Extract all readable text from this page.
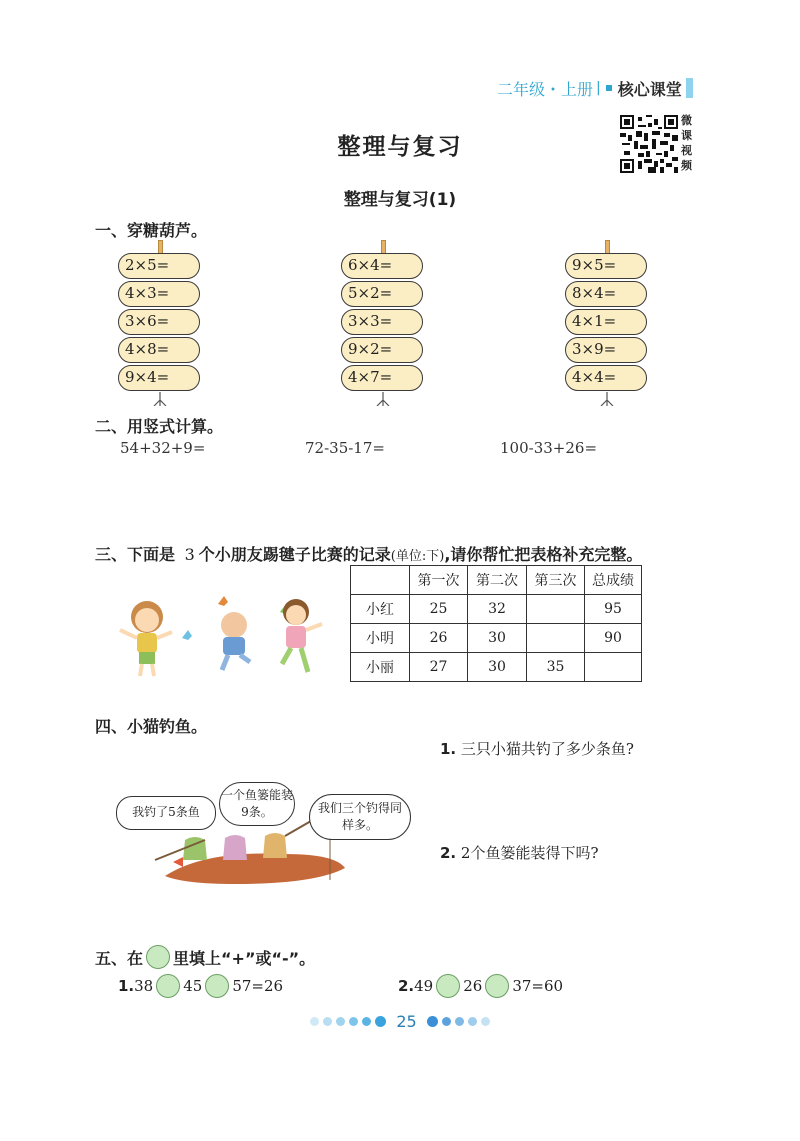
二年级・上册 | 核心课堂
微课视频
整理与复习
整理与复习(1)
一、穿糖葫芦。
2×5=
4×3=
3×6=
4×8=
9×4=
6×4=
5×2=
3×3=
9×2=
4×7=
9×5=
8×4=
4×1=
3×9=
4×4=
二、用竖式计算。
54+32+9=	72-35-17=	100-33+26=
三、下面是 3 个小朋友踢毽子比赛的记录(单位:下),请你帮忙把表格补充完整。
	第一次	第二次	第三次	总成绩
小红	25	32		95
小明	26	30		90
小丽	27	30	35	
四、小猫钓鱼。
1. 三只小猫共钓了多少条鱼?
2. 2个鱼篓能装得下吗?
我钓了5条鱼
一个鱼篓能装9条。	我们三个钓得同样多。
五、在 里填上“+”或“-”。
1. 38 45 57=26	2. 49 26 37=60
25
